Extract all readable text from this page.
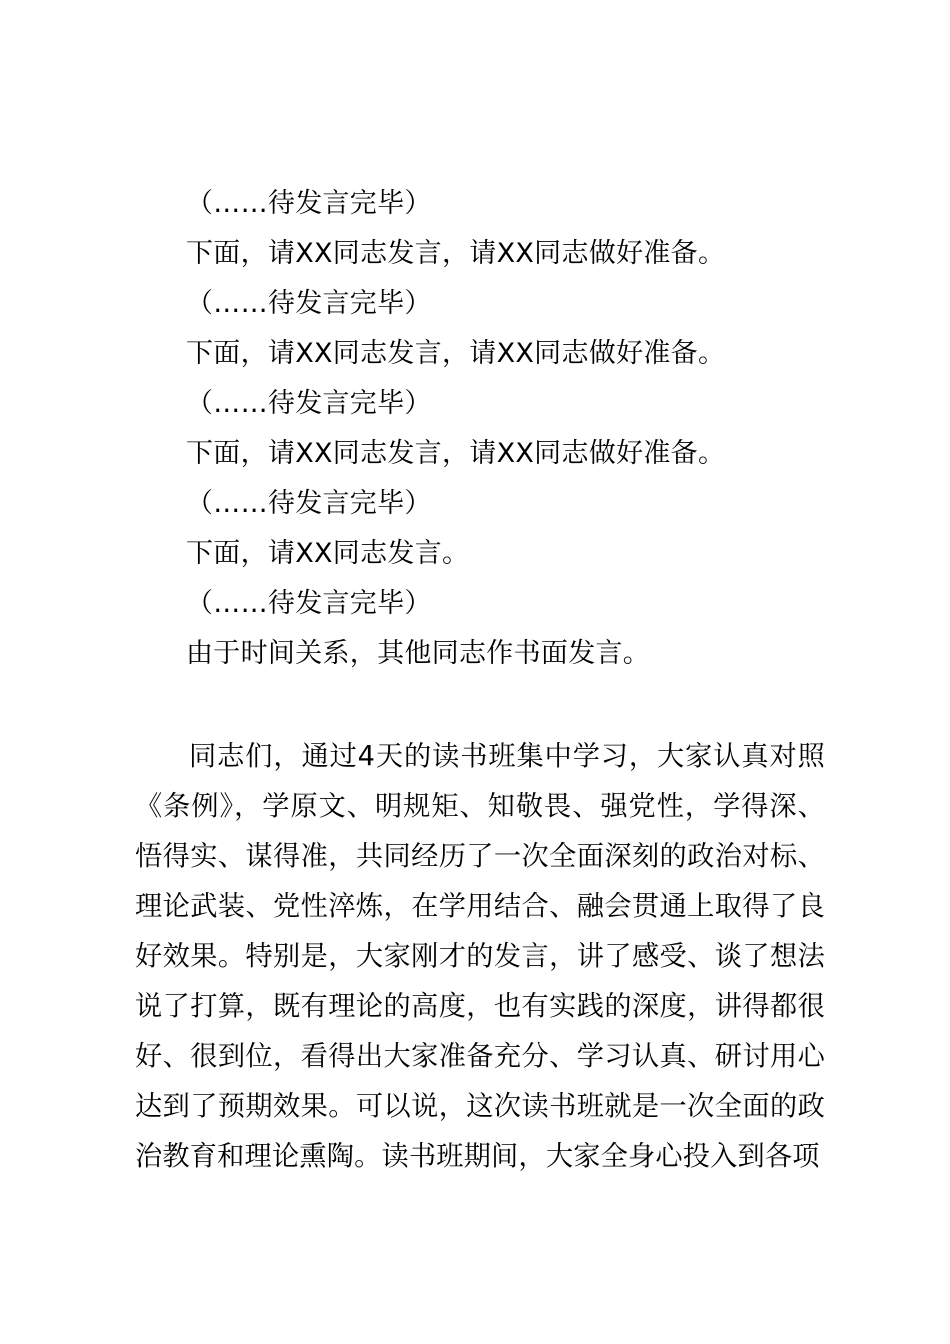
（……待发言完毕）
下面，请XX同志发言，请XX同志做好准备。
（……待发言完毕）
下面，请XX同志发言，请XX同志做好准备。
（……待发言完毕）
下面，请XX同志发言，请XX同志做好准备。
（……待发言完毕）
下面，请XX同志发言。
（……待发言完毕）
由于时间关系，其他同志作书面发言。
同志们，通过4天的读书班集中学习，大家认真对照《条例》，学原文、明规矩、知敬畏、强党性，学得深、悟得实、谋得准，共同经历了一次全面深刻的政治对标、理论武装、党性淬炼，在学用结合、融会贯通上取得了良好效果。特别是，大家刚才的发言，讲了感受、谈了想法说了打算，既有理论的高度，也有实践的深度，讲得都很好、很到位，看得出大家准备充分、学习认真、研讨用心达到了预期效果。可以说，这次读书班就是一次全面的政治教育和理论熏陶。读书班期间，大家全身心投入到各项
